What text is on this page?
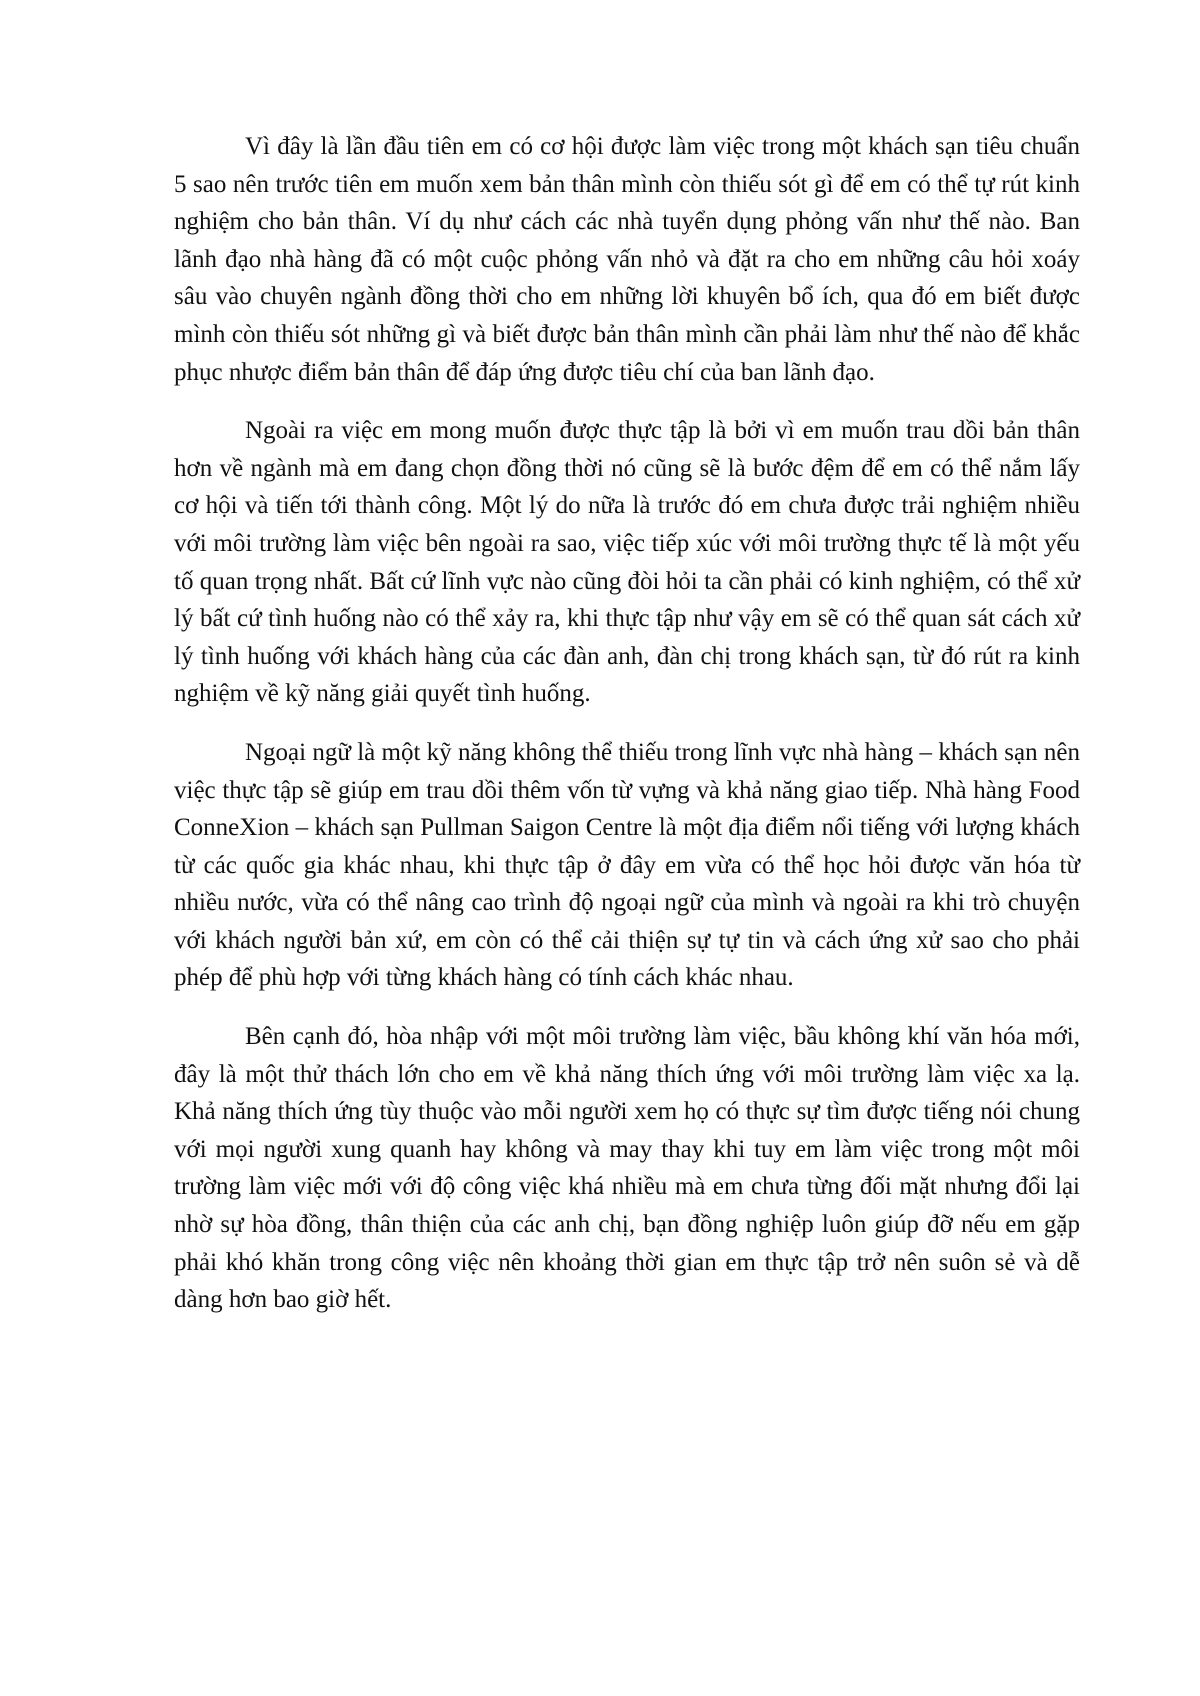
Vì đây là lần đầu tiên em có cơ hội được làm việc trong một khách sạn tiêu chuẩn 5 sao nên trước tiên em muốn xem bản thân mình còn thiếu sót gì để em có thể tự rút kinh nghiệm cho bản thân. Ví dụ như cách các nhà tuyển dụng phỏng vấn như thế nào. Ban lãnh đạo nhà hàng đã có một cuộc phỏng vấn nhỏ và đặt ra cho em những câu hỏi xoáy sâu vào chuyên ngành đồng thời cho em những lời khuyên bổ ích, qua đó em biết được mình còn thiếu sót những gì và biết được bản thân mình cần phải làm như thế nào để khắc phục nhược điểm bản thân để đáp ứng được tiêu chí của ban lãnh đạo.

Ngoài ra việc em mong muốn được thực tập là bởi vì em muốn trau dồi bản thân hơn về ngành mà em đang chọn đồng thời nó cũng sẽ là bước đệm để em có thể nắm lấy cơ hội và tiến tới thành công. Một lý do nữa là trước đó em chưa được trải nghiệm nhiều với môi trường làm việc bên ngoài ra sao, việc tiếp xúc với môi trường thực tế là một yếu tố quan trọng nhất. Bất cứ lĩnh vực nào cũng đòi hỏi ta cần phải có kinh nghiệm, có thể xử lý bất cứ tình huống nào có thể xảy ra, khi thực tập như vậy em sẽ có thể quan sát cách xử lý tình huống với khách hàng của các đàn anh, đàn chị trong khách sạn, từ đó rút ra kinh nghiệm về kỹ năng giải quyết tình huống.

Ngoại ngữ là một kỹ năng không thể thiếu trong lĩnh vực nhà hàng – khách sạn nên việc thực tập sẽ giúp em trau dồi thêm vốn từ vựng và khả năng giao tiếp. Nhà hàng Food ConneXion – khách sạn Pullman Saigon Centre là một địa điểm nổi tiếng với lượng khách từ các quốc gia khác nhau, khi thực tập ở đây em vừa có thể học hỏi được văn hóa từ nhiều nước, vừa có thể nâng cao trình độ ngoại ngữ của mình và ngoài ra khi trò chuyện với khách người bản xứ, em còn có thể cải thiện sự tự tin và cách ứng xử sao cho phải phép để phù hợp với từng khách hàng có tính cách khác nhau.

Bên cạnh đó, hòa nhập với một môi trường làm việc, bầu không khí văn hóa mới, đây là một thử thách lớn cho em về khả năng thích ứng với môi trường làm việc xa lạ. Khả năng thích ứng tùy thuộc vào mỗi người xem họ có thực sự tìm được tiếng nói chung với mọi người xung quanh hay không và may thay khi tuy em làm việc trong một môi trường làm việc mới với độ công việc khá nhiều mà em chưa từng đối mặt nhưng đổi lại nhờ sự hòa đồng, thân thiện của các anh chị, bạn đồng nghiệp luôn giúp đỡ nếu em gặp phải khó khăn trong công việc nên khoảng thời gian em thực tập trở nên suôn sẻ và dễ dàng hơn bao giờ hết.
